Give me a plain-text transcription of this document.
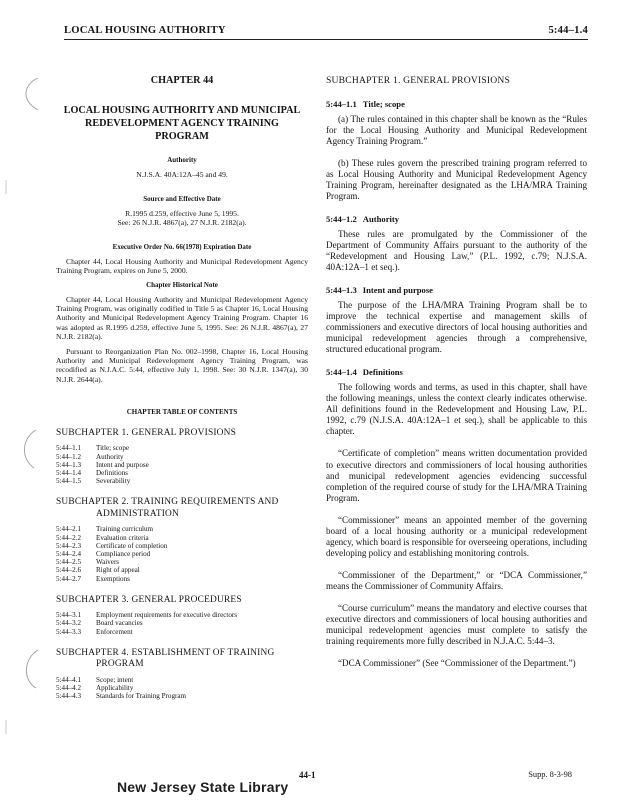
LOCAL HOUSING AUTHORITY	5:44–1.4
CHAPTER 44
LOCAL HOUSING AUTHORITY AND MUNICIPAL
REDEVELOPMENT AGENCY TRAINING
PROGRAM
Authority
N.J.S.A. 40A:12A–45 and 49.
Source and Effective Date
R.1995 d.259, effective June 5, 1995.
See: 26 N.J.R. 4867(a), 27 N.J.R. 2182(a).
Executive Order No. 66(1978) Expiration Date

Chapter 44, Local Housing Authority and Municipal Redevelopment Agency Training Program, expires on June 5, 2000.

Chapter Historical Note

Chapter 44, Local Housing Authority and Municipal Redevelopment Agency Training Program, was originally codified in Title 5 as Chapter 16, Local Housing Authority and Municipal Redevelopment Agency Training Program. Chapter 16 was adopted as R.1995 d.259, effective June 5, 1995. See: 26 N.J.R. 4867(a), 27 N.J.R. 2182(a).

Pursuant to Reorganization Plan No. 002–1998, Chapter 16, Local Housing Authority and Municipal Redevelopment Agency Training Program, was recodified as N.J.A.C. 5:44, effective July 1, 1998. See: 30 N.J.R. 1347(a), 30 N.J.R. 2644(a).

CHAPTER TABLE OF CONTENTS
SUBCHAPTER 1. GENERAL PROVISIONS
5:44–1.1 Title; scope
5:44–1.2 Authority
5:44–1.3 Intent and purpose
5:44–1.4 Definitions
5:44–1.5 Severability
SUBCHAPTER 2. TRAINING REQUIREMENTS AND ADMINISTRATION
5:44–2.1 Training curriculum
5:44–2.2 Evaluation criteria
5:44–2.3 Certificate of completion
5:44–2.4 Compliance period
5:44–2.5 Waivers
5:44–2.6 Right of appeal
5:44–2.7 Exemptions
SUBCHAPTER 3. GENERAL PROCEDURES
5:44–3.1 Employment requirements for executive directors
5:44–3.2 Board vacancies
5:44–3.3 Enforcement
SUBCHAPTER 4. ESTABLISHMENT OF TRAINING PROGRAM
5:44–4.1 Scope; intent
5:44–4.2 Applicability
5:44–4.3 Standards for Training Program
SUBCHAPTER 1. GENERAL PROVISIONS
5:44–1.1 Title; scope

(a) The rules contained in this chapter shall be known as the “Rules for the Local Housing Authority and Municipal Redevelopment Agency Training Program.”

(b) These rules govern the prescribed training program referred to as Local Housing Authority and Municipal Redevelopment Agency Training Program, hereinafter designated as the LHA/MRA Training Program.

5:44–1.2 Authority

These rules are promulgated by the Commissioner of the Department of Community Affairs pursuant to the authority of the “Redevelopment and Housing Law,” (P.L. 1992, c.79; N.J.S.A. 40A:12A–1 et seq.).

5:44–1.3 Intent and purpose

The purpose of the LHA/MRA Training Program shall be to improve the technical expertise and management skills of commissioners and executive directors of local housing authorities and municipal redevelopment agencies through a comprehensive, structured educational program.

5:44–1.4 Definitions

The following words and terms, as used in this chapter, shall have the following meanings, unless the context clearly indicates otherwise. All definitions found in the Redevelopment and Housing Law, P.L. 1992, c.79 (N.J.S.A. 40A:12A–1 et seq.), shall be applicable to this chapter.

“Certificate of completion” means written documentation provided to executive directors and commissioners of local housing authorities and municipal redevelopment agencies evidencing successful completion of the required course of study for the LHA/MRA Training Program.

“Commissioner” means an appointed member of the governing board of a local housing authority or a municipal redevelopment agency, which board is responsible for overseeing operations, including developing policy and establishing monitoring controls.

“Commissioner of the Department,” or “DCA Commissioner,” means the Commissioner of Community Affairs.

“Course curriculum” means the mandatory and elective courses that executive directors and commissioners of local housing authorities and municipal redevelopment agencies must complete to satisfy the training requirements more fully described in N.J.A.C. 5:44–3.

“DCA Commissioner” (See “Commissioner of the Department.”)

44-1	Supp. 8-3-98
New Jersey State Library
